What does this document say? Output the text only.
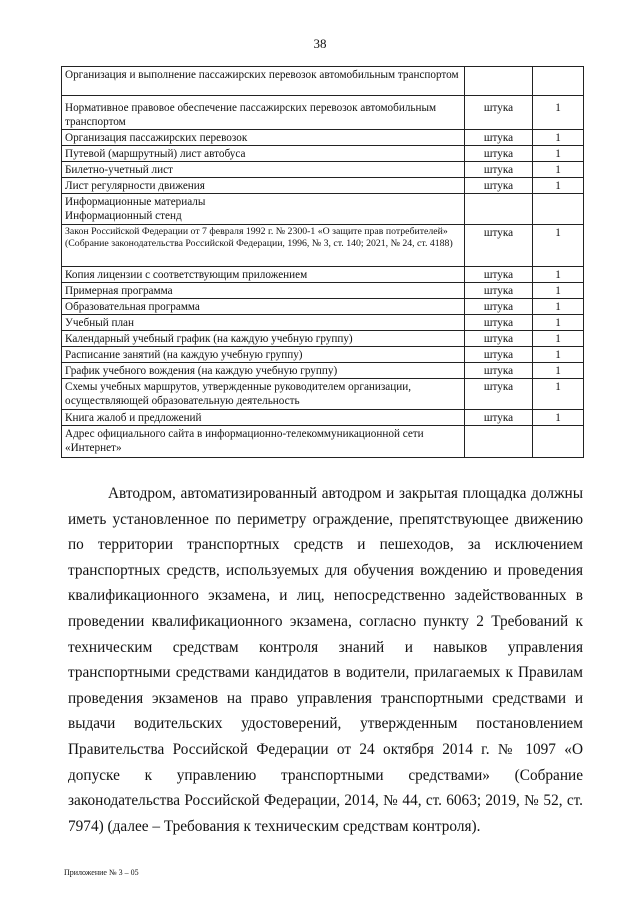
38
Организация и выполнение пассажирских перевозок автомобильным транспортом		
Нормативное правовое обеспечение пассажирских перевозок автомобильным транспортом	штука	1
Организация пассажирских перевозок	штука	1
Путевой (маршрутный) лист автобуса	штука	1
Билетно-учетный лист	штука	1
Лист регулярности движения	штука	1
Информационные материалы
Информационный стенд		
Закон Российской Федерации от 7 февраля 1992 г. № 2300-1 «О защите прав потребителей» (Собрание законодательства Российской Федерации, 1996, № 3, ст. 140; 2021, № 24, ст. 4188)	штука	1
Копия лицензии с соответствующим приложением	штука	1
Примерная программа	штука	1
Образовательная программа	штука	1
Учебный план	штука	1
Календарный учебный график (на каждую учебную группу)	штука	1
Расписание занятий (на каждую учебную группу)	штука	1
График учебного вождения (на каждую учебную группу)	штука	1
Схемы учебных маршрутов, утвержденные руководителем организации, осуществляющей образовательную деятельность	штука	1
Книга жалоб и предложений	штука	1
Адрес официального сайта в информационно-телекоммуникационной сети «Интернет»		

Автодром, автоматизированный автодром и закрытая площадка должны иметь установленное по периметру ограждение, препятствующее движению по территории транспортных средств и пешеходов, за исключением транспортных средств, используемых для обучения вождению и проведения квалификационного экзамена, и лиц, непосредственно задействованных в проведении квалификационного экзамена, согласно пункту 2 Требований к техническим средствам контроля знаний и навыков управления транспортными средствами кандидатов в водители, прилагаемых к Правилам проведения экзаменов на право управления транспортными средствами и выдачи водительских удостоверений, утвержденным постановлением Правительства Российской Федерации от 24 октября 2014 г. № 1097 «О допуске к управлению транспортными средствами» (Собрание законодательства Российской Федерации, 2014, № 44, ст. 6063; 2019, № 52, ст. 7974) (далее – Требования к техническим средствам контроля).

Приложение № 3 – 05
